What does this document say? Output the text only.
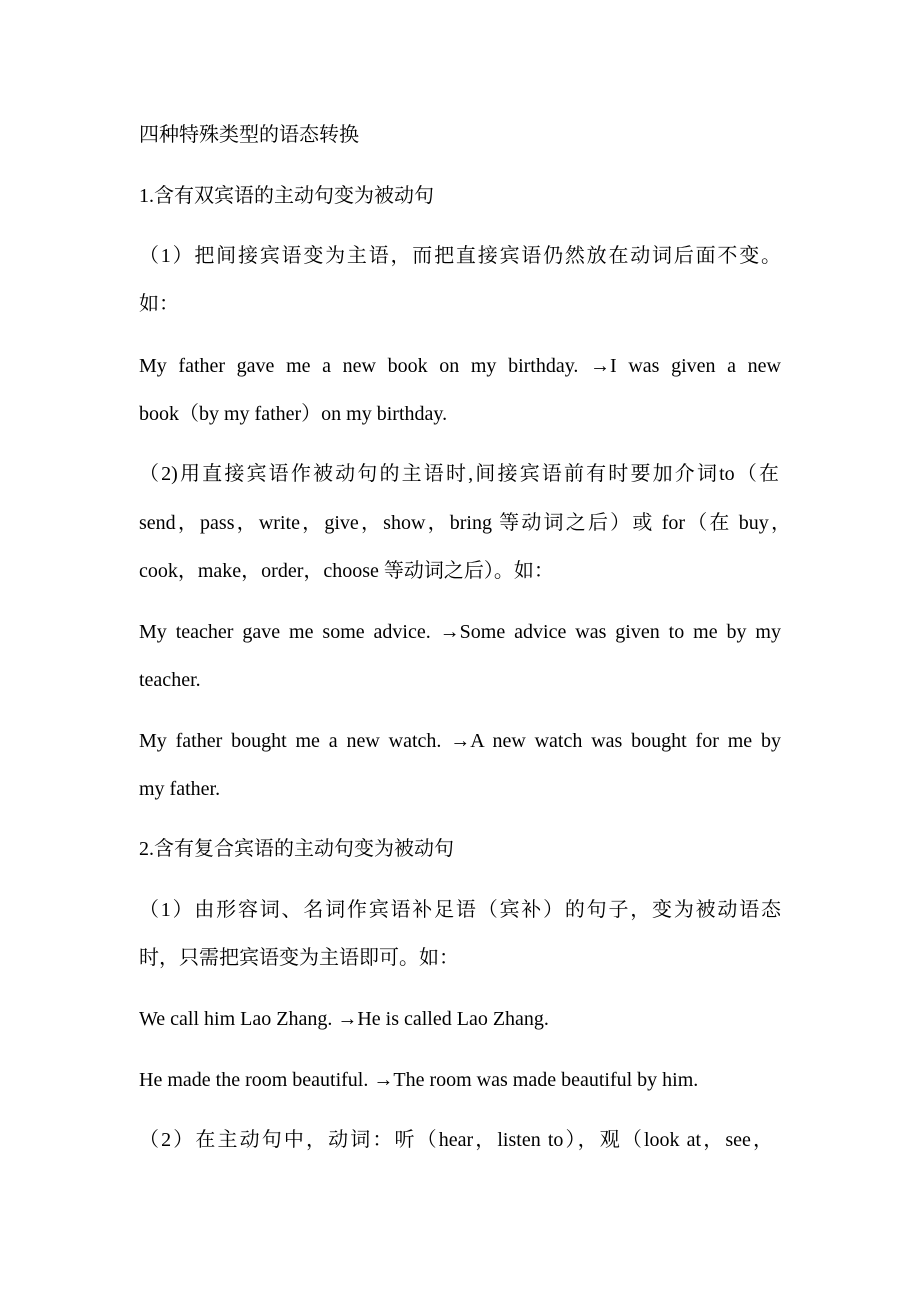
四种特殊类型的语态转换
1.含有双宾语的主动句变为被动句
（1）把间接宾语变为主语，而把直接宾语仍然放在动词后面不变。
如：
My father gave me a new book on my birthday. →I was given a new
book（by my father）on my birthday.
（2)用直接宾语作被动句的主语时,间接宾语前有时要加介词to（在
send，pass，write，give，show，bring 等动词之后）或 for（在 buy，
cook，make，order，choose 等动词之后）。如：
My teacher gave me some advice. →Some advice was given to me by my
teacher.
My father bought me a new watch. →A new watch was bought for me by
my father.
2.含有复合宾语的主动句变为被动句
（1）由形容词、名词作宾语补足语（宾补）的句子，变为被动语态
时，只需把宾语变为主语即可。如：
We call him Lao Zhang. →He is called Lao Zhang.
He made the room beautiful. →The room was made beautiful by him.
（2）在主动句中，动词：听（hear，listen to），观（look at，see，
